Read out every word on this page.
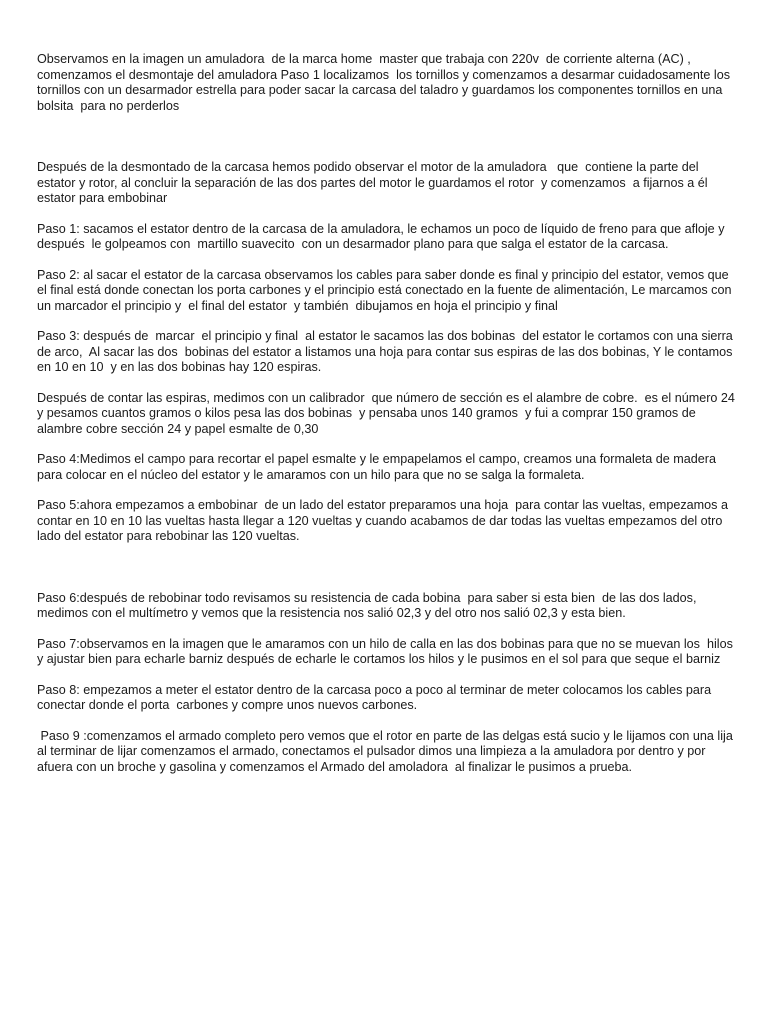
Observamos en la imagen un amuladora  de la marca home  master que trabaja con 220v  de corriente alterna (AC) , comenzamos el desmontaje del amuladora Paso 1 localizamos  los tornillos y comenzamos a desarmar cuidadosamente los tornillos con un desarmador estrella para poder sacar la carcasa del taladro y guardamos los componentes tornillos en una bolsita  para no perderlos

Después de la desmontado de la carcasa hemos podido observar el motor de la amuladora   que  contiene la parte del estator y rotor, al concluir la separación de las dos partes del motor le guardamos el rotor  y comenzamos  a fijarnos a él estator para embobinar

Paso 1: sacamos el estator dentro de la carcasa de la amuladora, le echamos un poco de líquido de freno para que afloje y después  le golpeamos con  martillo suavecito  con un desarmador plano para que salga el estator de la carcasa.

Paso 2: al sacar el estator de la carcasa observamos los cables para saber donde es final y principio del estator, vemos que el final está donde conectan los porta carbones y el principio está conectado en la fuente de alimentación, Le marcamos con un marcador el principio y  el final del estator  y también  dibujamos en hoja el principio y final

Paso 3: después de  marcar  el principio y final  al estator le sacamos las dos bobinas  del estator le cortamos con una sierra de arco,  Al sacar las dos  bobinas del estator a listamos una hoja para contar sus espiras de las dos bobinas, Y le contamos en 10 en 10  y en las dos bobinas hay 120 espiras.

Después de contar las espiras, medimos con un calibrador  que número de sección es el alambre de cobre.  es el número 24 y pesamos cuantos gramos o kilos pesa las dos bobinas  y pensaba unos 140 gramos  y fui a comprar 150 gramos de alambre cobre sección 24 y papel esmalte de 0,30

Paso 4:Medimos el campo para recortar el papel esmalte y le empapelamos el campo, creamos una formaleta de madera  para colocar en el núcleo del estator y le amaramos con un hilo para que no se salga la formaleta.

Paso 5:ahora empezamos a embobinar  de un lado del estator preparamos una hoja  para contar las vueltas, empezamos a contar en 10 en 10 las vueltas hasta llegar a 120 vueltas y cuando acabamos de dar todas las vueltas empezamos del otro lado del estator para rebobinar las 120 vueltas.

Paso 6:después de rebobinar todo revisamos su resistencia de cada bobina  para saber si esta bien  de las dos lados, medimos con el multímetro y vemos que la resistencia nos salió 02,3 y del otro nos salió 02,3 y esta bien.

Paso 7:observamos en la imagen que le amaramos con un hilo de calla en las dos bobinas para que no se muevan los  hilos y ajustar bien para echarle barniz después de echarle le cortamos los hilos y le pusimos en el sol para que seque el barniz

Paso 8: empezamos a meter el estator dentro de la carcasa poco a poco al terminar de meter colocamos los cables para conectar donde el porta  carbones y compre unos nuevos carbones.

Paso 9 :comenzamos el armado completo pero vemos que el rotor en parte de las delgas está sucio y le lijamos con una lija al terminar de lijar comenzamos el armado, conectamos el pulsador dimos una limpieza a la amuladora por dentro y por afuera con un broche y gasolina y comenzamos el Armado del amoladora  al finalizar le pusimos a prueba.
